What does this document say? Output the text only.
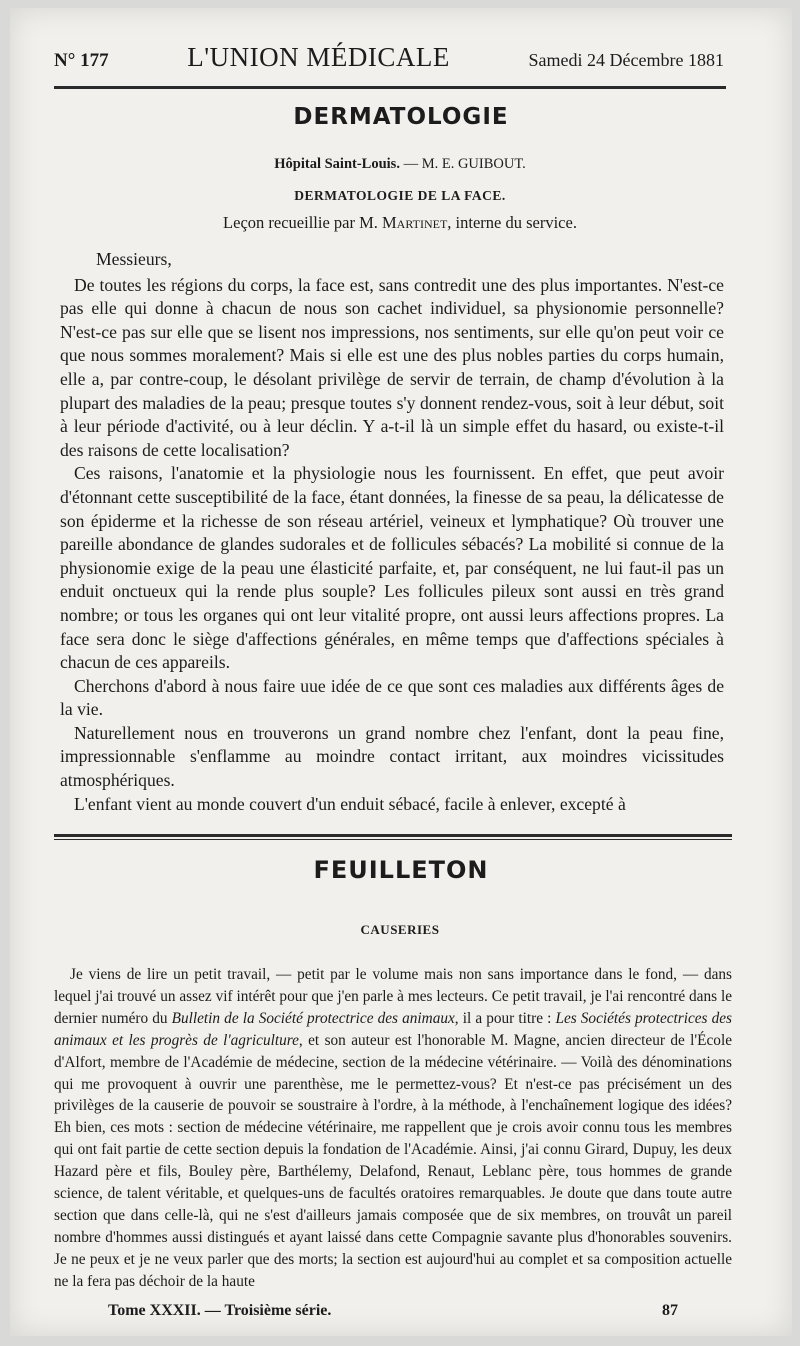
N° 177	L'UNION MÉDICALE	Samedi 24 Décembre 1881
DERMATOLOGIE
Hôpital Saint-Louis. — M. E. GUIBOUT.
DERMATOLOGIE DE LA FACE.
Leçon recueillie par M. Martinet, interne du service.

Messieurs,

De toutes les régions du corps, la face est, sans contredit une des plus importantes. N'est-ce pas elle qui donne à chacun de nous son cachet individuel, sa physionomie personnelle? N'est-ce pas sur elle que se lisent nos impressions, nos sentiments, sur elle qu'on peut voir ce que nous sommes moralement? Mais si elle est une des plus nobles parties du corps humain, elle a, par contre-coup, le désolant privilège de servir de terrain, de champ d'évolution à la plupart des maladies de la peau; presque toutes s'y donnent rendez-vous, soit à leur début, soit à leur période d'activité, ou à leur déclin. Y a-t-il là un simple effet du hasard, ou existe-t-il des raisons de cette localisation?

Ces raisons, l'anatomie et la physiologie nous les fournissent. En effet, que peut avoir d'étonnant cette susceptibilité de la face, étant données, la finesse de sa peau, la délicatesse de son épiderme et la richesse de son réseau artériel, veineux et lymphatique? Où trouver une pareille abondance de glandes sudorales et de follicules sébacés? La mobilité si connue de la physionomie exige de la peau une élasticité parfaite, et, par conséquent, ne lui faut-il pas un enduit onctueux qui la rende plus souple? Les follicules pileux sont aussi en très grand nombre; or tous les organes qui ont leur vitalité propre, ont aussi leurs affections propres. La face sera donc le siège d'affections générales, en même temps que d'affections spéciales à chacun de ces appareils.

Cherchons d'abord à nous faire uue idée de ce que sont ces maladies aux différents âges de la vie.

Naturellement nous en trouverons un grand nombre chez l'enfant, dont la peau fine, impressionnable s'enflamme au moindre contact irritant, aux moindres vicissitudes atmosphériques.

L'enfant vient au monde couvert d'un enduit sébacé, facile à enlever, excepté à

FEUILLETON
CAUSERIES

Je viens de lire un petit travail, — petit par le volume mais non sans importance dans le fond, — dans lequel j'ai trouvé un assez vif intérêt pour que j'en parle à mes lecteurs. Ce petit travail, je l'ai rencontré dans le dernier numéro du Bulletin de la Société protectrice des animaux, il a pour titre : Les Sociétés protectrices des animaux et les progrès de l'agriculture, et son auteur est l'honorable M. Magne, ancien directeur de l'École d'Alfort, membre de l'Académie de médecine, section de la médecine vétérinaire. — Voilà des dénominations qui me provoquent à ouvrir une parenthèse, me le permettez-vous? Et n'est-ce pas précisément un des privilèges de la causerie de pouvoir se soustraire à l'ordre, à la méthode, à l'enchaînement logique des idées? Eh bien, ces mots : section de médecine vétérinaire, me rappellent que je crois avoir connu tous les membres qui ont fait partie de cette section depuis la fondation de l'Académie. Ainsi, j'ai connu Girard, Dupuy, les deux Hazard père et fils, Bouley père, Barthélemy, Delafond, Renaut, Leblanc père, tous hommes de grande science, de talent véritable, et quelques-uns de facultés oratoires remarquables. Je doute que dans toute autre section que dans celle-là, qui ne s'est d'ailleurs jamais composée que de six membres, on trouvât un pareil nombre d'hommes aussi distingués et ayant laissé dans cette Compagnie savante plus d'honorables souvenirs. Je ne peux et je ne veux parler que des morts; la section est aujourd'hui au complet et sa composition actuelle ne la fera pas déchoir de la haute

Tome XXXII. — Troisième série.	87
